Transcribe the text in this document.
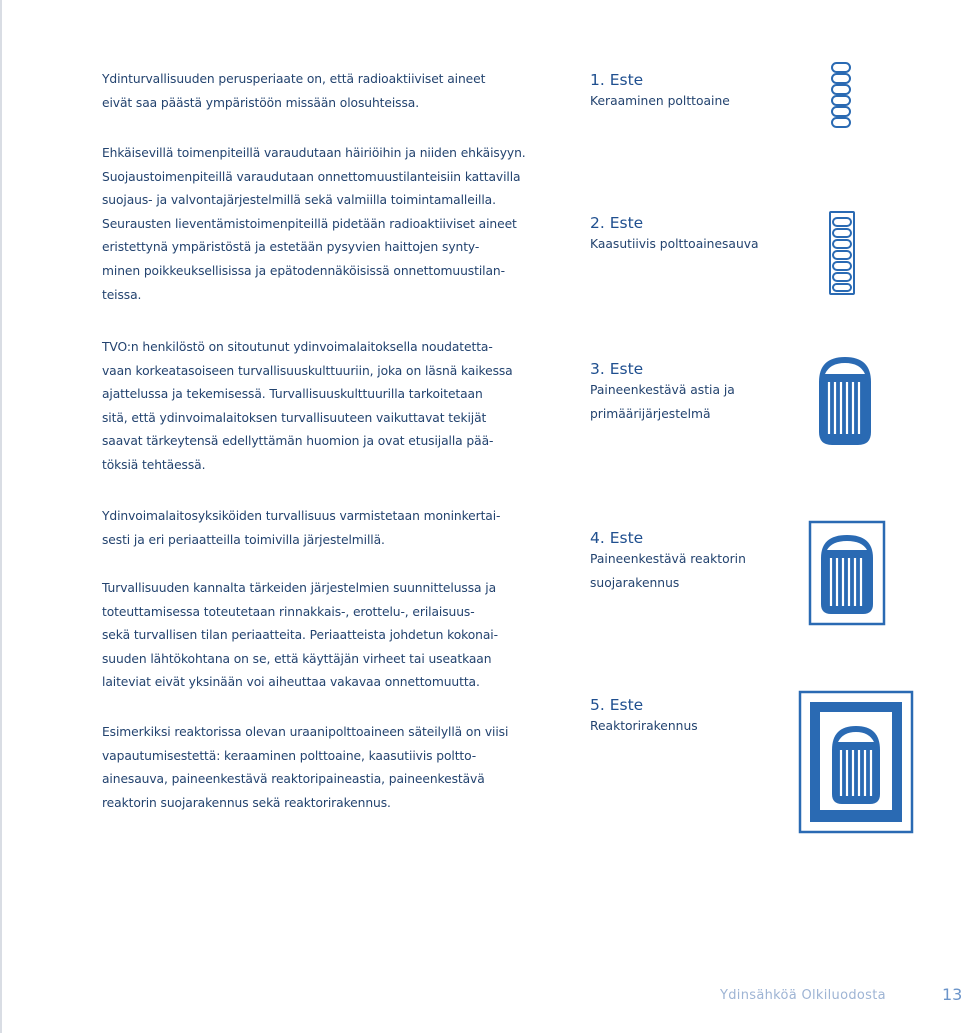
Ydinturvallisuuden perusperiaate on, että radioaktiiviset aineet
eivät saa päästä ympäristöön missään olosuhteissa.

Ehkäisevillä toimenpiteillä varaudutaan häiriöihin ja niiden ehkäisyyn.
Suojaustoimenpiteillä varaudutaan onnettomuustilanteisiin kattavilla
suojaus- ja valvontajärjestelmillä sekä valmiilla toimintamalleilla.
Seurausten lieventämistoimenpiteillä pidetään radioaktiiviset aineet
eristettynä ympäristöstä ja estetään pysyvien haittojen synty-
minen poikkeuksellisissa ja epätodennäköisissä onnettomuustilan-
teissa.

TVO:n henkilöstö on sitoutunut ydinvoimalaitoksella noudatetta-
vaan korkeatasoiseen turvallisuuskulttuuriin, joka on läsnä kaikessa
ajattelussa ja tekemisessä. Turvallisuuskulttuurilla tarkoitetaan
sitä, että ydinvoimalaitoksen turvallisuuteen vaikuttavat tekijät
saavat tärkeytensä edellyttämän huomion ja ovat etusijalla pää-
töksiä tehtäessä.

Ydinvoimalaitosyksiköiden turvallisuus varmistetaan moninkertai-
sesti ja eri periaatteilla toimivilla järjestelmillä.

Turvallisuuden kannalta tärkeiden järjestelmien suunnittelussa ja
toteuttamisessa toteutetaan rinnakkais-, erottelu-, erilaisuus-
sekä turvallisen tilan periaatteita. Periaatteista johdetun kokonai-
suuden lähtökohtana on se, että käyttäjän virheet tai useatkaan
laiteviat eivät yksinään voi aiheuttaa vakavaa onnettomuutta.

Esimerkiksi reaktorissa olevan uraanipolttoaineen säteilyllä on viisi
vapautumisestettä: keraaminen polttoaine, kaasutiivis poltto-
ainesauva, paineenkestävä reaktoripaineastia, paineenkestävä
reaktorin suojarakennus sekä reaktorirakennus.

1. Este
Keraaminen polttoaine
2. Este
Kaasutiivis polttoainesauva
3. Este
Paineenkestävä astia ja
primäärijärjestelmä
4. Este
Paineenkestävä reaktorin
suojarakennus
5. Este
Reaktorirakennus
Ydinsähköä Olkiluodosta	13
